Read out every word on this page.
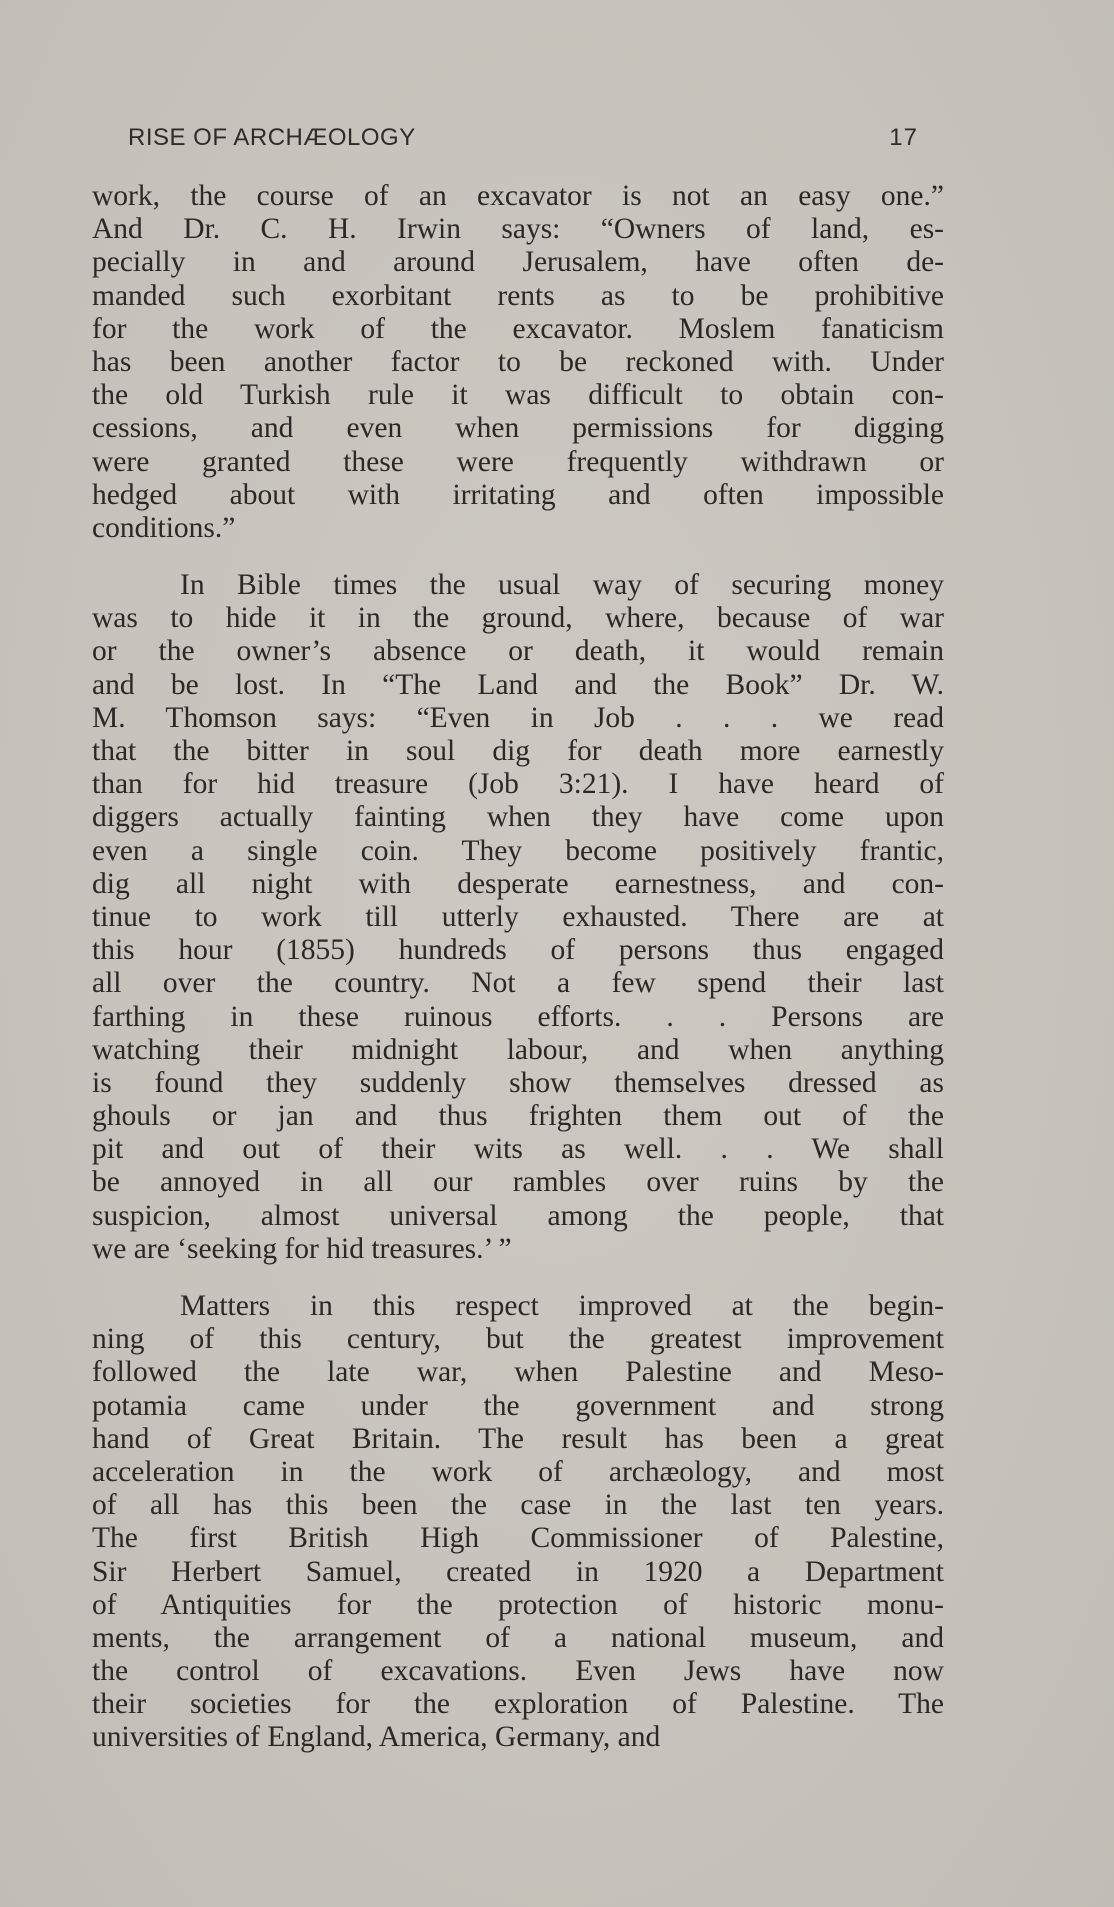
RISE OF ARCHÆOLOGY	17
work, the course of an excavator is not an easy one.”
And Dr. C. H. Irwin says: “Owners of land, es-
pecially in and around Jerusalem, have often de-
manded such exorbitant rents as to be prohibitive
for the work of the excavator. Moslem fanaticism
has been another factor to be reckoned with. Under
the old Turkish rule it was difficult to obtain con-
cessions, and even when permissions for digging
were granted these were frequently withdrawn or
hedged about with irritating and often impossible
conditions.”
In Bible times the usual way of securing money
was to hide it in the ground, where, because of war
or the owner’s absence or death, it would remain
and be lost. In “The Land and the Book” Dr. W.
M. Thomson says: “Even in Job . . . we read
that the bitter in soul dig for death more earnestly
than for hid treasure (Job 3:21). I have heard of
diggers actually fainting when they have come upon
even a single coin. They become positively frantic,
dig all night with desperate earnestness, and con-
tinue to work till utterly exhausted. There are at
this hour (1855) hundreds of persons thus engaged
all over the country. Not a few spend their last
farthing in these ruinous efforts. . . Persons are
watching their midnight labour, and when anything
is found they suddenly show themselves dressed as
ghouls or jan and thus frighten them out of the
pit and out of their wits as well. . . We shall
be annoyed in all our rambles over ruins by the
suspicion, almost universal among the people, that
we are ‘seeking for hid treasures.’ ”
Matters in this respect improved at the begin-
ning of this century, but the greatest improvement
followed the late war, when Palestine and Meso-
potamia came under the government and strong
hand of Great Britain. The result has been a great
acceleration in the work of archæology, and most
of all has this been the case in the last ten years.
The first British High Commissioner of Palestine,
Sir Herbert Samuel, created in 1920 a Department
of Antiquities for the protection of historic monu-
ments, the arrangement of a national museum, and
the control of excavations. Even Jews have now
their societies for the exploration of Palestine. The
universities of England, America, Germany, and
